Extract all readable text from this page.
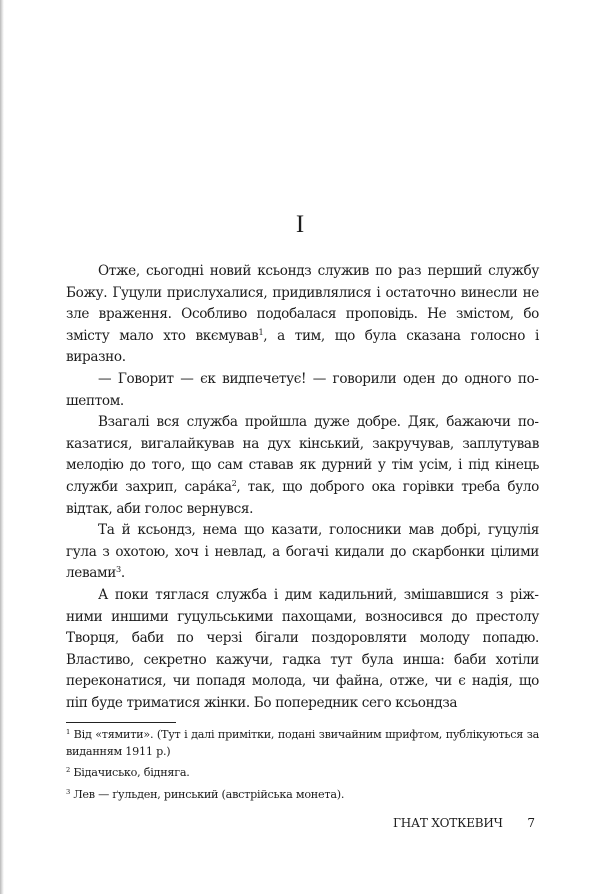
I

Отже, сьогодні новий ксьондз служив по раз перший службу Божу. Гуцули прислухалися, придивлялися і остаточно винесли не зле враження. Особливо подобалася проповідь. Не змістом, бо змісту мало хто вкємував$^1$, а тим, що була сказана голосно і виразно.

— Говорит — єк видпечетує! — говорили оден до одного пошептом.

Взагалі вся служба пройшла дуже добре. Дяк, бажаючи показатися, вигалайкував на дух кінський, закручував, заплутував мелодію до того, що сам ставав як дурний у тім усім, і під кінець служби захрип, $сара́ка^2$, так, що доброго ока горівки треба було відтак, аби голос вернувся.

Та й ксьондз, нема що казати, голосники мав добрі, гуцулія гула з охотою, хоч і невлад, а богачі кидали до скарбонки цілими левами$^3$.

А поки тяглася служба і дим кадильний, змішавшися з ріжними иншими гуцульськими пахощами, возносився до престолу Творця, баби по черзі бігали поздоровляти молоду попадю. Властиво, секретно кажучи, гадка тут була инша: баби хотіли переконатися, чи попадя молода, чи файна, отже, чи є надія, що піп буде триматися жінки. Бо попередник сего ксьондза

$^1$ Від «тямити». (Тут і далі примітки, подані звичайним шрифтом, публікуються за виданням 1911 р.)

$^2$ Бідачисько, бідняга.

$^3$ Лев — ґульден, ринський (австрійська монета).

ГНАТ ХОТКЕВИЧ 7
